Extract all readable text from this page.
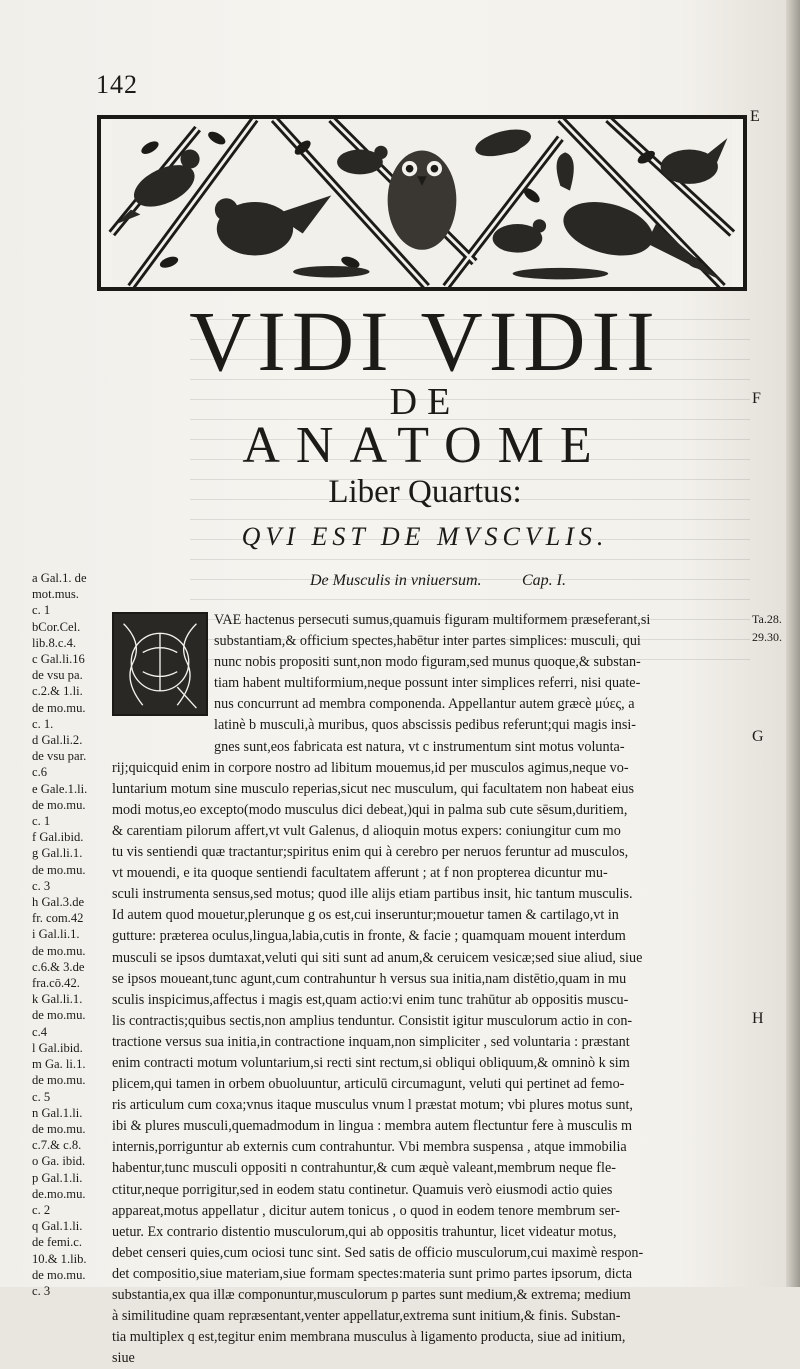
142
E
F
G
H
VIDI VIDII
DE
ANATOME
Liber Quartus:
QVI EST DE MVSCVLIS.
De Musculis in vniuersum.	Cap. I.
a Gal.1. de
mot.mus.
c. 1
bCor.Cel.
lib.8.c.4.
c Gal.li.16
de vsu pa.
c.2.& 1.li.
de mo.mu.
c. 1.
d Gal.li.2.
de vsu par.
c.6
e Gale.1.li.
de mo.mu.
c. 1
f Gal.ibid.
g Gal.li.1.
de mo.mu.
c. 3
h Gal.3.de
fr. com.42
i Gal.li.1.
de mo.mu.
c.6.& 3.de
fra.cō.42.
k Gal.li.1.
de mo.mu.
c.4
l Gal.ibid.
m Ga. li.1.
de mo.mu.
c. 5
n Gal.1.li.
de mo.mu.
c.7.& c.8.
o Ga. ibid.
p Gal.1.li.
de.mo.mu.
c. 2
q Gal.1.li.
de femi.c.
10.& 1.lib.
de mo.mu.
c. 3
Ta.28.
29.30.
VAE hactenus persecuti sumus,quamuis figuram multiformem præseferant,si
substantiam,& officium spectes,habētur inter partes simplices: musculi, qui
nunc nobis propositi sunt,non modo figuram,sed munus quoque,& substan-
tiam habent multiformium,neque possunt inter simplices referri, nisi quate-
nus concurrunt ad membra componenda. Appellantur autem græcè μύες, a
latinè b musculi,à muribus, quos abscissis pedibus referunt;qui magis insi-
gnes sunt,eos fabricata est natura, vt c instrumentum sint motus volunta-
rij;quicquid enim in corpore nostro ad libitum mouemus,id per musculos agimus,neque vo-
luntarium motum sine musculo reperias,sicut nec musculum, qui facultatem non habeat eius
modi motus,eo excepto(modo musculus dici debeat,)qui in palma sub cute sēsum,duritiem,
& carentiam pilorum affert,vt vult Galenus, d alioquin motus expers: coniungitur cum mo
tu vis sentiendi quæ tractantur;spiritus enim qui à cerebro per neruos feruntur ad musculos,
vt mouendi, e ita quoque sentiendi facultatem afferunt ; at f non propterea dicuntur mu-
sculi instrumenta sensus,sed motus; quod ille alijs etiam partibus insit, hic tantum musculis.
Id autem quod mouetur,plerunque g os est,cui inseruntur;mouetur tamen & cartilago,vt in
gutture: præterea oculus,lingua,labia,cutis in fronte, & facie ; quamquam mouent interdum
musculi se ipsos dumtaxat,veluti qui siti sunt ad anum,& ceruicem vesicæ;sed siue aliud, siue
se ipsos moueant,tunc agunt,cum contrahuntur h versus sua initia,nam distētio,quam in mu
sculis inspicimus,affectus i magis est,quam actio:vi enim tunc trahūtur ab oppositis muscu-
lis contractis;quibus sectis,non amplius tenduntur. Consistit igitur musculorum actio in con-
tractione versus sua initia,in contractione inquam,non simpliciter , sed voluntaria : præstant
enim contracti motum voluntarium,si recti sint rectum,si obliqui obliquum,& omninò k sim
plicem,qui tamen in orbem obuoluuntur, articulū circumagunt, veluti qui pertinet ad femo-
ris articulum cum coxa;vnus itaque musculus vnum l præstat motum; vbi plures motus sunt,
ibi & plures musculi,quemadmodum in lingua : membra autem flectuntur fere à musculis m
internis,porriguntur ab externis cum contrahuntur. Vbi membra suspensa , atque immobilia
habentur,tunc musculi oppositi n contrahuntur,& cum æquè valeant,membrum neque fle-
ctitur,neque porrigitur,sed in eodem statu continetur. Quamuis verò eiusmodi actio quies
appareat,motus appellatur , dicitur autem tonicus , o quod in eodem tenore membrum ser-
uetur. Ex contrario distentio musculorum,qui ab oppositis trahuntur, licet videatur motus,
debet censeri quies,cum ociosi tunc sint. Sed satis de officio musculorum,cui maximè respon-
det compositio,siue materiam,siue formam spectes:materia sunt primo partes ipsorum, dicta
substantia,ex qua illæ componuntur,musculorum p partes sunt medium,& extrema; medium
à similitudine quam repræsentant,venter appellatur,extrema sunt initium,& finis. Substan-
tia multiplex q est,tegitur enim membrana musculus à ligamento producta, siue ad initium,
siue
